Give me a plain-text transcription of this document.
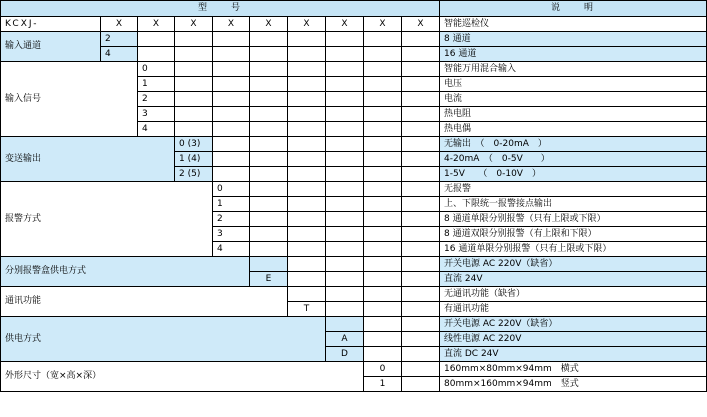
型　　号										说　　明
KCXJ-	X	X	X	X	X	X	X	X	X	智能巡检仪
输入通道	2									8 通道
	4									16 通道
输入信号		0								智能万用混合输入
		1								电压
		2								电流
		3								热电阻
		4								热电偶
变送输出			0 (3)							无输出　（　0-20mA　）
			1 (4)							4-20mA　（　0-5V　　）
			2 (5)							1-5V　　（　0-10V　）
报警方式				0						无报警
				1						上、下限统一报警接点输出
				2						8 通道单限分别报警（只有上限或下限）
				3						8 通道双限分别报警（有上限和下限）
				4						16 通道单限分别报警（只有上限或下限）
分别报警盒供电方式										开关电源 AC 220V（缺省）
					E					直流 24V
通讯功能										无通讯功能（缺省）
						T				有通讯功能
供电方式										开关电源 AC 220V（缺省）
							A			线性电源 AC 220V
							D			直流 DC 24V
外形尺寸（宽×高×深）								0		160mm×80mm×94mm　横式
								1		80mm×160mm×94mm　竖式
